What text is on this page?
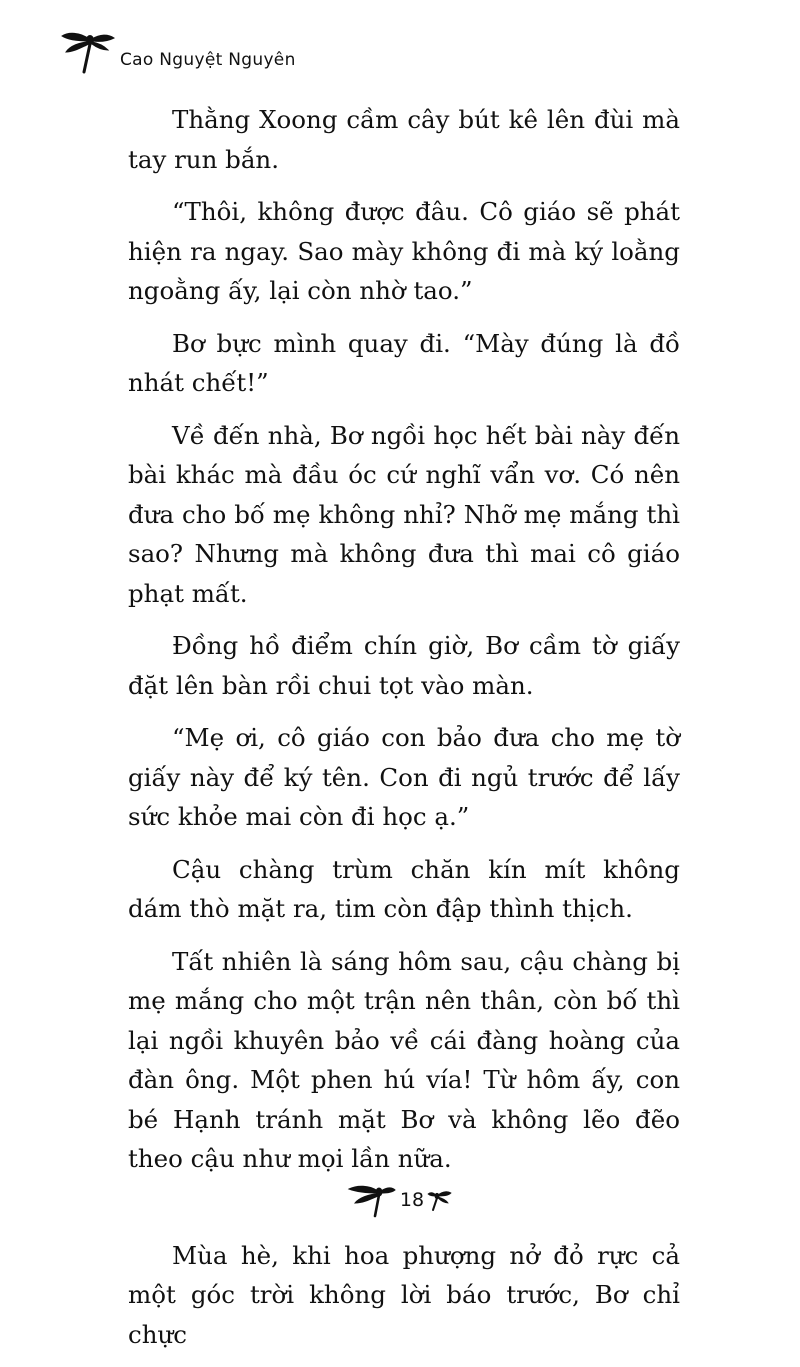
Cao Nguyệt Nguyên

Thằng Xoong cầm cây bút kê lên đùi mà tay run bắn.

“Thôi, không được đâu. Cô giáo sẽ phát hiện ra ngay. Sao mày không đi mà ký loằng ngoằng ấy, lại còn nhờ tao.”

Bơ bực mình quay đi. “Mày đúng là đồ nhát chết!”

Về đến nhà, Bơ ngồi học hết bài này đến bài khác mà đầu óc cứ nghĩ vẩn vơ. Có nên đưa cho bố mẹ không nhỉ? Nhỡ mẹ mắng thì sao? Nhưng mà không đưa thì mai cô giáo phạt mất.

Đồng hồ điểm chín giờ, Bơ cầm tờ giấy đặt lên bàn rồi chui tọt vào màn.

“Mẹ ơi, cô giáo con bảo đưa cho mẹ tờ giấy này để ký tên. Con đi ngủ trước để lấy sức khỏe mai còn đi học ạ.”

Cậu chàng trùm chăn kín mít không dám thò mặt ra, tim còn đập thình thịch.

Tất nhiên là sáng hôm sau, cậu chàng bị mẹ mắng cho một trận nên thân, còn bố thì lại ngồi khuyên bảo về cái đàng hoàng của đàn ông. Một phen hú vía! Từ hôm ấy, con bé Hạnh tránh mặt Bơ và không lẽo đẽo theo cậu như mọi lần nữa.

Mùa hè, khi hoa phượng nở đỏ rực cả một góc trời không lời báo trước, Bơ chỉ chực

18
